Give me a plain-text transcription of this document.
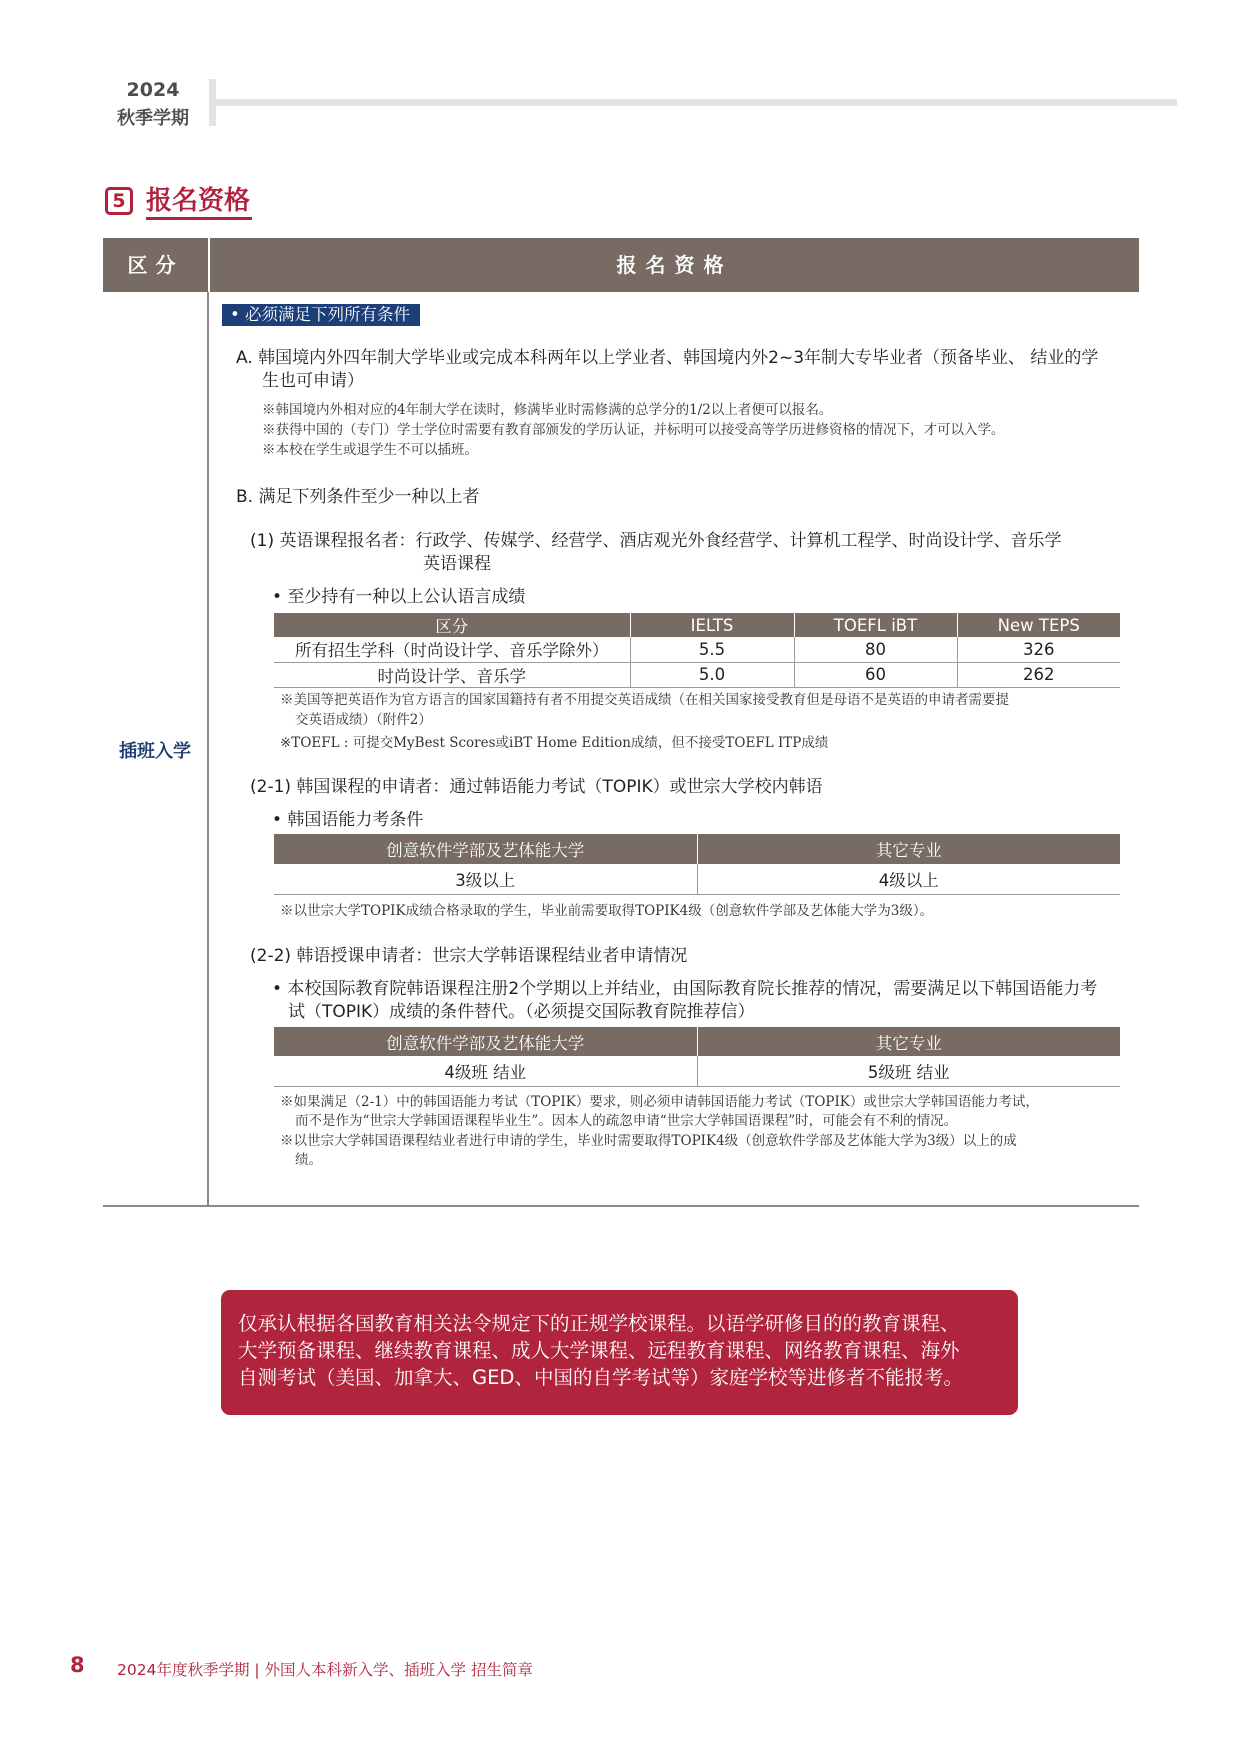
2024
秋季学期
5 报名资格
区分	报名资格
插班入学
• 必须满足下列所有条件
A. 韩国境内外四年制大学毕业或完成本科两年以上学业者、韩国境内外2~3年制大专毕业者（预备毕业、 结业的学
生也可申请）
※韩国境内外相对应的4年制大学在读时，修满毕业时需修满的总学分的1/2以上者便可以报名。
※获得中国的（专门）学士学位时需要有教育部颁发的学历认证，并标明可以接受高等学历进修资格的情况下，才可以入学。
※本校在学生或退学生不可以插班。
B. 满足下列条件至少一种以上者
(1) 英语课程报名者：行政学、传媒学、经营学、酒店观光外食经营学、计算机工程学、时尚设计学、音乐学
英语课程
• 至少持有一种以上公认语言成绩
区分	IELTS	TOEFL iBT	New TEPS
所有招生学科（时尚设计学、音乐学除外）	5.5	80	326
时尚设计学、音乐学	5.0	60	262
※美国等把英语作为官方语言的国家国籍持有者不用提交英语成绩（在相关国家接受教育但是母语不是英语的申请者需要提
交英语成绩）（附件2）
※TOEFL : 可提交MyBest Scores或iBT Home Edition成绩，但不接受TOEFL ITP成绩
(2-1) 韩国课程的申请者：通过韩语能力考试（TOPIK）或世宗大学校内韩语
• 韩国语能力考条件
创意软件学部及艺体能大学	其它专业
3级以上	4级以上
※以世宗大学TOPIK成绩合格录取的学生，毕业前需要取得TOPIK4级（创意软件学部及艺体能大学为3级）。
(2-2) 韩语授课申请者：世宗大学韩语课程结业者申请情况
• 本校国际教育院韩语课程注册2个学期以上并结业，由国际教育院长推荐的情况，需要满足以下韩国语能力考
试（TOPIK）成绩的条件替代。（必须提交国际教育院推荐信）
创意软件学部及艺体能大学	其它专业
4级班 结业	5级班 结业
※如果满足（2-1）中的韩国语能力考试（TOPIK）要求，则必须申请韩国语能力考试（TOPIK）或世宗大学韩国语能力考试，
而不是作为“世宗大学韩国语课程毕业生”。因本人的疏忽申请“世宗大学韩国语课程”时，可能会有不利的情况。
※以世宗大学韩国语课程结业者进行申请的学生，毕业时需要取得TOPIK4级（创意软件学部及艺体能大学为3级）以上的成
绩。
仅承认根据各国教育相关法令规定下的正规学校课程。以语学研修目的的教育课程、
大学预备课程、继续教育课程、成人大学课程、远程教育课程、网络教育课程、海外
自测考试（美国、加拿大、GED、中国的自学考试等）家庭学校等进修者不能报考。
8 2024年度秋季学期 | 外国人本科新入学、插班入学 招生简章
